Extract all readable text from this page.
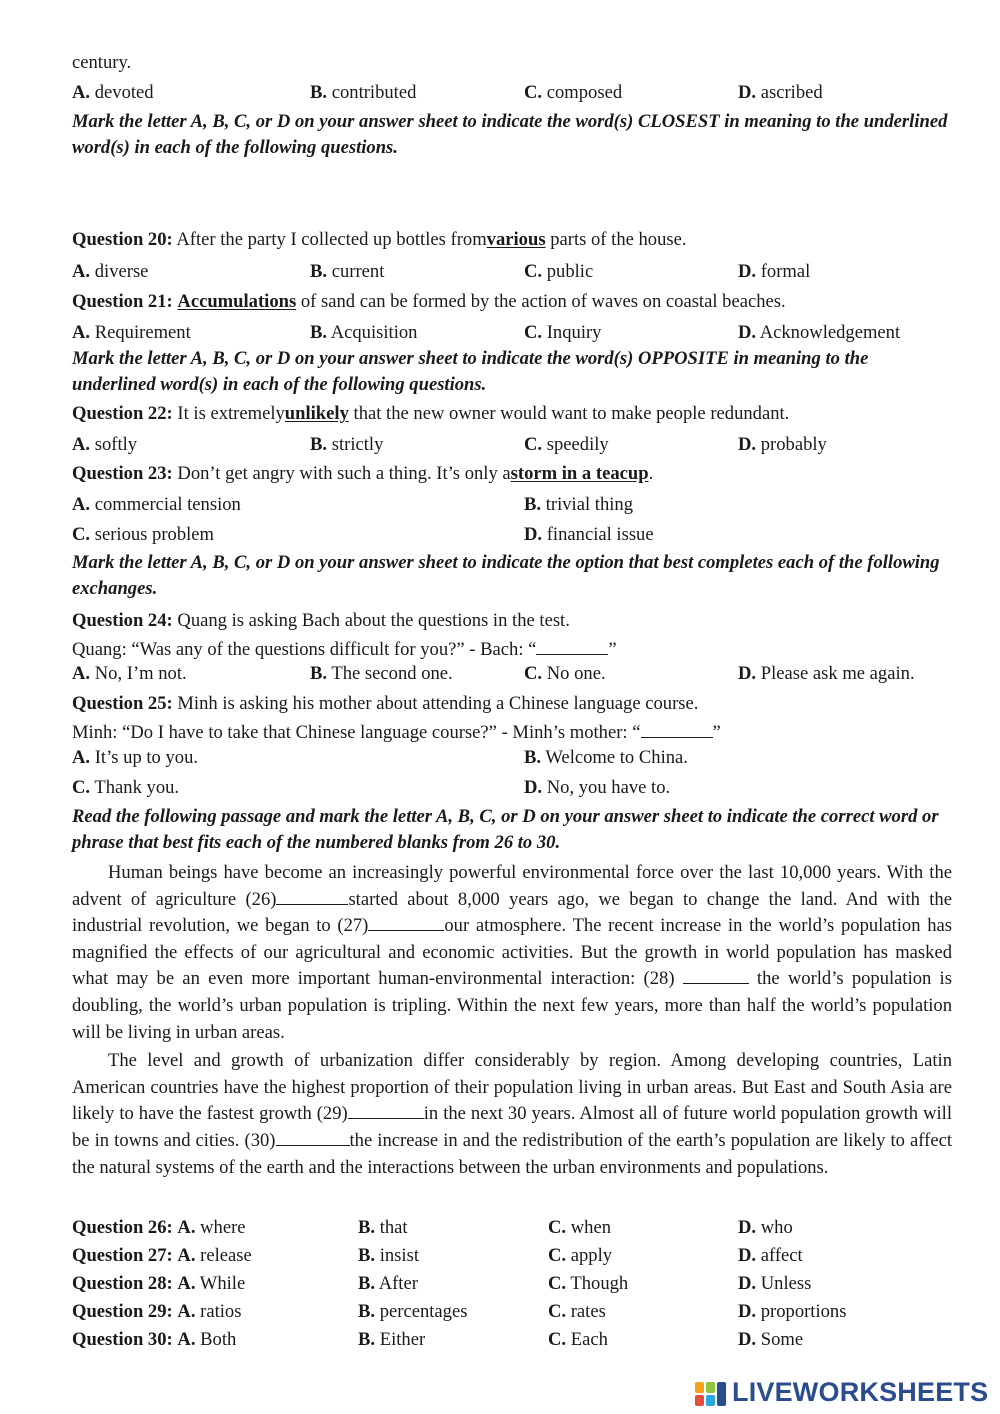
century.
A. devoted	B. contributed	C. composed	D. ascribed
Mark the letter A, B, C, or D on your answer sheet to indicate the word(s) CLOSEST in meaning to the underlined word(s) in each of the following questions.
Question 20: After the party I collected up bottles fromvarious parts of the house.
A. diverse	B. current	C. public	D. formal
Question 21: Accumulations of sand can be formed by the action of waves on coastal beaches.
A. Requirement	B. Acquisition	C. Inquiry	D. Acknowledgement
Mark the letter A, B, C, or D on your answer sheet to indicate the word(s) OPPOSITE in meaning to the underlined word(s) in each of the following questions.
Question 22: It is extremelyunlikely that the new owner would want to make people redundant.
A. softly	B. strictly	C. speedily	D. probably
Question 23: Don’t get angry with such a thing. It’s only astorm in a teacup.
A. commercial tension	B. trivial thing
C. serious problem	D. financial issue
Mark the letter A, B, C, or D on your answer sheet to indicate the option that best completes each of the following exchanges.
Question 24: Quang is asking Bach about the questions in the test.
Quang: “Was any of the questions difficult for you?” - Bach: “	”
A. No, I’m not.	B. The second one.	C. No one.	D. Please ask me again.
Question 25: Minh is asking his mother about attending a Chinese language course.
Minh: “Do I have to take that Chinese language course?” - Minh’s mother: “	”
A. It’s up to you.	B. Welcome to China.
C. Thank you.	D. No, you have to.
Read the following passage and mark the letter A, B, C, or D on your answer sheet to indicate the correct word or phrase that best fits each of the numbered blanks from 26 to 30.

Human beings have become an increasingly powerful environmental force over the last 10,000 years. With the advent of agriculture (26)	started about 8,000 years ago, we began to change the land. And with the industrial revolution, we began to (27)	our atmosphere. The recent increase in the world’s population has magnified the effects of our agricultural and economic activities. But the growth in world population has masked what may be an even more important human-environmental interaction: (28)	the world’s population is doubling, the world’s urban population is tripling. Within the next few years, more than half the world’s population will be living in urban areas.

The level and growth of urbanization differ considerably by region. Among developing countries, Latin American countries have the highest proportion of their population living in urban areas. But East and South Asia are likely to have the fastest growth (29)	in the next 30 years. Almost all of future world population growth will be in towns and cities. (30)	the increase in and the redistribution of the earth’s population are likely to affect the natural systems of the earth and the interactions between the urban environments and populations.

Question 26: A. where	B. that	C. when	D. who
Question 27: A. release	B. insist	C. apply	D. affect
Question 28: A. While	B. After	C. Though	D. Unless
Question 29: A. ratios	B. percentages	C. rates	D. proportions
Question 30: A. Both	B. Either	C. Each	D. Some
LIVEWORKSHEETS
